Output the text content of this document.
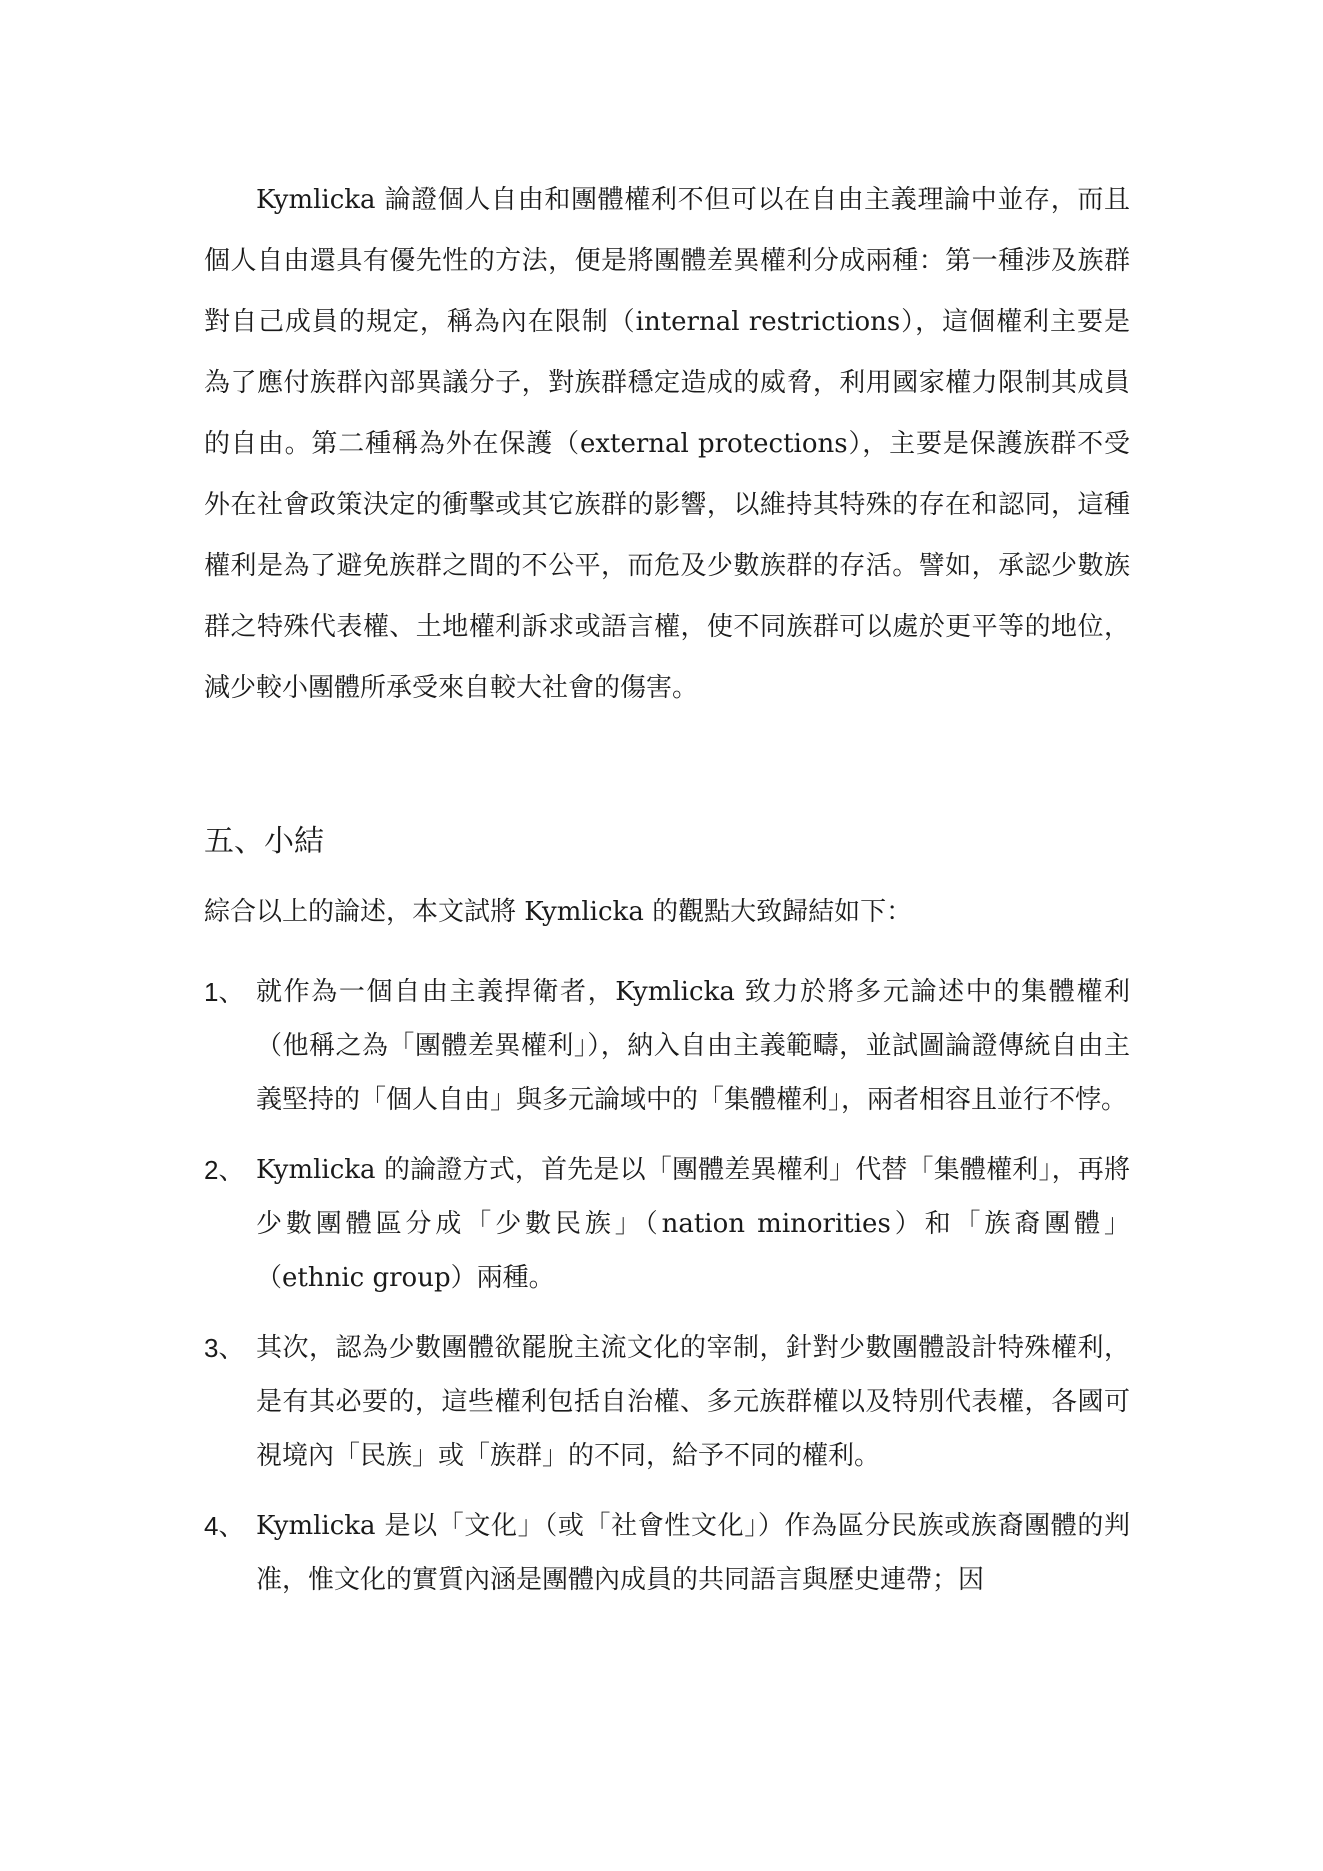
Kymlicka 論證個人自由和團體權利不但可以在自由主義理論中並存，而且個人自由還具有優先性的方法，便是將團體差異權利分成兩種：第一種涉及族群對自己成員的規定，稱為內在限制（internal restrictions），這個權利主要是為了應付族群內部異議分子，對族群穩定造成的威脅，利用國家權力限制其成員的自由。第二種稱為外在保護（external protections），主要是保護族群不受外在社會政策決定的衝擊或其它族群的影響，以維持其特殊的存在和認同，這種權利是為了避免族群之間的不公平，而危及少數族群的存活。譬如，承認少數族群之特殊代表權、土地權利訴求或語言權，使不同族群可以處於更平等的地位，減少較小團體所承受來自較大社會的傷害。

五、小結

綜合以上的論述，本文試將 Kymlicka 的觀點大致歸結如下：

1、 就作為一個自由主義捍衛者，Kymlicka 致力於將多元論述中的集體權利（他稱之為「團體差異權利」），納入自由主義範疇，並試圖論證傳統自由主義堅持的「個人自由」與多元論域中的「集體權利」，兩者相容且並行不悖。
2、 Kymlicka 的論證方式，首先是以「團體差異權利」代替「集體權利」，再將少數團體區分成「少數民族」（nation minorities）和「族裔團體」（ethnic group）兩種。
3、 其次，認為少數團體欲罷脫主流文化的宰制，針對少數團體設計特殊權利，是有其必要的，這些權利包括自治權、多元族群權以及特別代表權，各國可視境內「民族」或「族群」的不同，給予不同的權利。
4、 Kymlicka 是以「文化」（或「社會性文化」）作為區分民族或族裔團體的判准，惟文化的實質內涵是團體內成員的共同語言與歷史連帶；因
